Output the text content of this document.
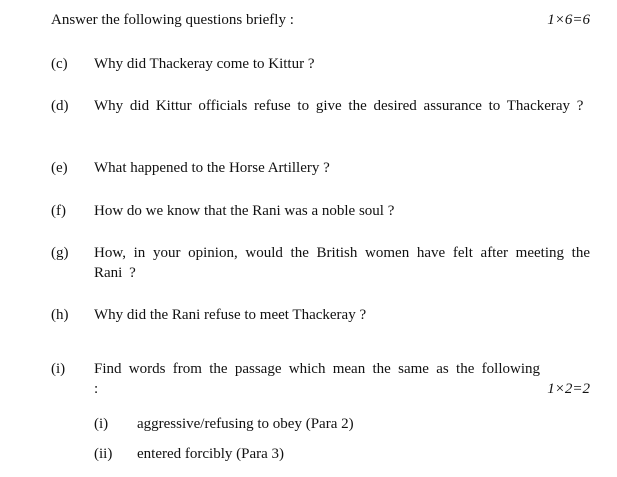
Answer the following questions briefly :	1×6=6
(c)	Why did Thackeray come to Kittur ?
(d)	Why did Kittur officials refuse to give the desired assurance to Thackeray ?
(e)	What happened to the Horse Artillery ?
(f)	How do we know that the Rani was a noble soul ?
(g)	How, in your opinion, would the British women have felt after meeting the Rani ?
(h)	Why did the Rani refuse to meet Thackeray ?
(i)	Find words from the passage which mean the same as the following :	1×2=2
(i)	aggressive/refusing to obey (Para 2)
(ii)	entered forcibly (Para 3)
